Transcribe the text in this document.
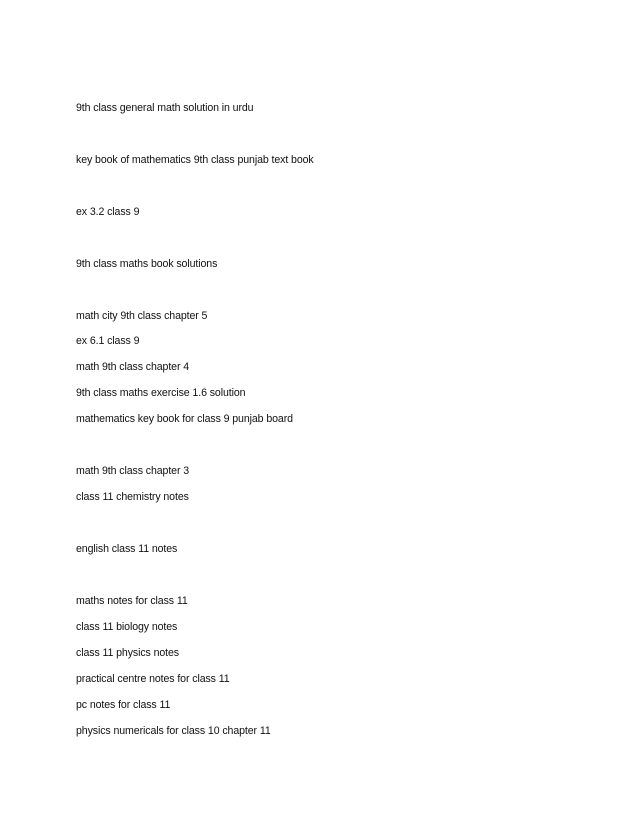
9th class general math solution in urdu
key book of mathematics 9th class punjab text book
ex 3.2 class 9
9th class maths book solutions
math city 9th class chapter 5
ex 6.1 class 9
math 9th class chapter 4
9th class maths exercise 1.6 solution
mathematics key book for class 9 punjab board
math 9th class chapter 3
class 11 chemistry notes
english class 11 notes
maths notes for class 11
class 11 biology notes
class 11 physics notes
practical centre notes for class 11
pc notes for class 11
physics numericals for class 10 chapter 11
